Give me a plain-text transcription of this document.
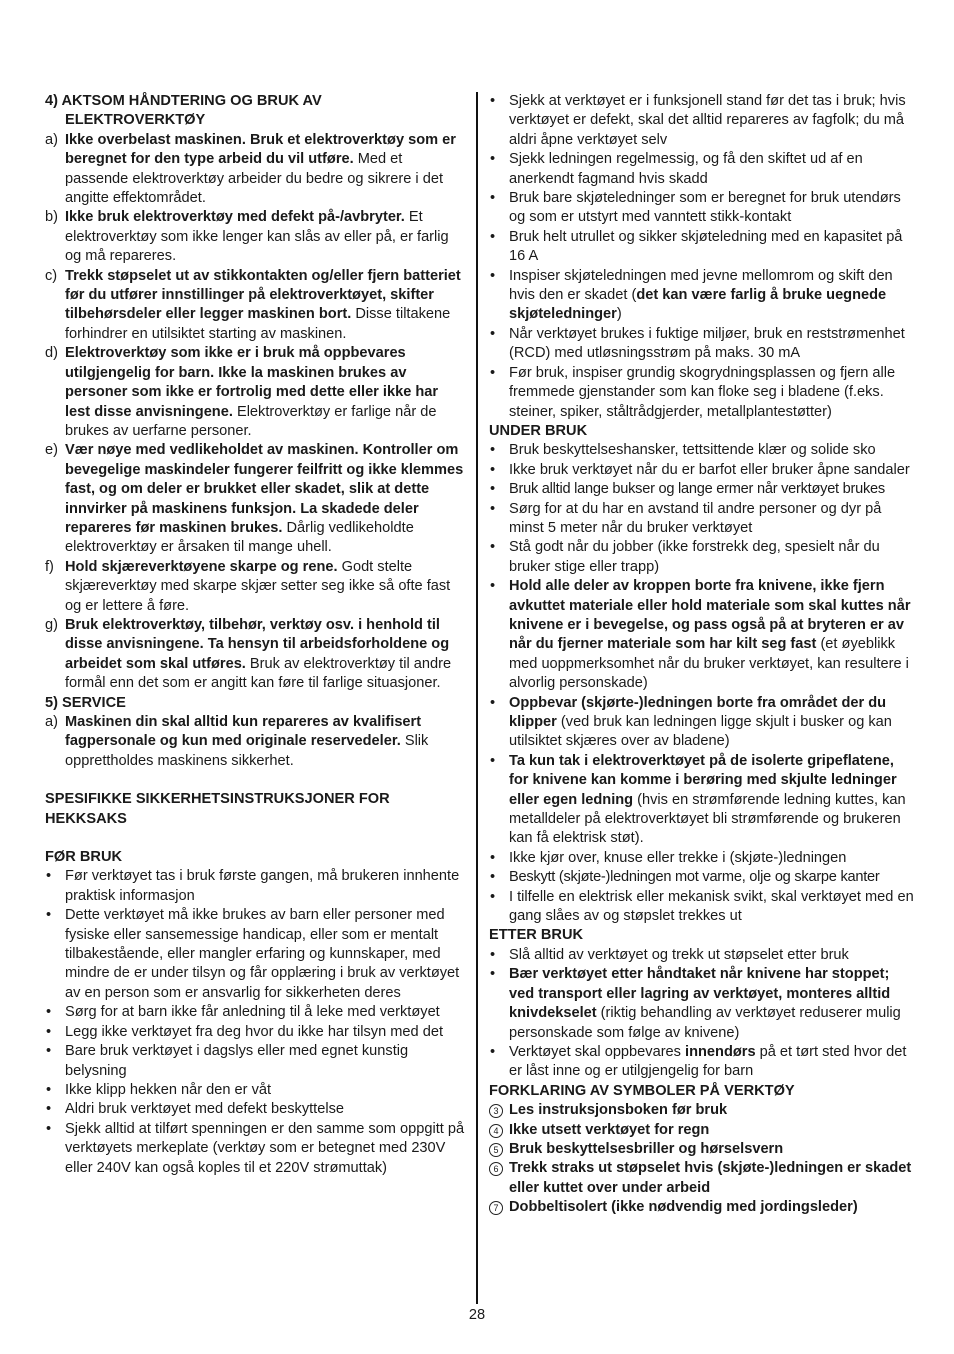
4) AKTSOM HÅNDTERING OG BRUK AV
ELEKTROVERKTØY
a) Ikke overbelast maskinen. Bruk et elektroverktøy som er beregnet for den type arbeid du vil utføre. Med et passende elektroverktøy arbeider du bedre og sikrere i det angitte effektområdet.
b) Ikke bruk elektroverktøy med defekt på-/avbryter. Et elektroverktøy som ikke lenger kan slås av eller på, er farlig og må repareres.
c) Trekk støpselet ut av stikkontakten og/eller fjern batteriet før du utfører innstillinger på elektroverktøyet, skifter tilbehørsdeler eller legger maskinen bort. Disse tiltakene forhindrer en utilsiktet starting av maskinen.
d) Elektroverktøy som ikke er i bruk må oppbevares utilgjengelig for barn. Ikke la maskinen brukes av personer som ikke er fortrolig med dette eller ikke har lest disse anvisningene. Elektroverktøy er farlige når de brukes av uerfarne personer.
e) Vær nøye med vedlikeholdet av maskinen. Kontroller om bevegelige maskindeler fungerer feilfritt og ikke klemmes fast, og om deler er brukket eller skadet, slik at dette innvirker på maskinens funksjon. La skadede deler repareres før maskinen brukes. Dårlig vedlikeholdte elektroverktøy er årsaken til mange uhell.
f) Hold skjæreverktøyene skarpe og rene. Godt stelte skjæreverktøy med skarpe skjær setter seg ikke så ofte fast og er lettere å føre.
g) Bruk elektroverktøy, tilbehør, verktøy osv. i henhold til disse anvisningene. Ta hensyn til arbeidsforholdene og arbeidet som skal utføres. Bruk av elektroverktøy til andre formål enn det som er angitt kan føre til farlige situasjoner.
5) SERVICE
a) Maskinen din skal alltid kun repareres av kvalifisert fagpersonale og kun med originale reservedeler. Slik opprettholdes maskinens sikkerhet.
SPESIFIKKE SIKKERHETSINSTRUKSJONER FOR HEKKSAKS
FØR BRUK
• Før verktøyet tas i bruk første gangen, må brukeren innhente praktisk informasjon
• Dette verktøyet må ikke brukes av barn eller personer med fysiske eller sansemessige handicap, eller som er mentalt tilbakestående, eller mangler erfaring og kunnskaper, med mindre de er under tilsyn og får opplæring i bruk av verktøyet av en person som er ansvarlig for sikkerheten deres
• Sørg for at barn ikke får anledning til å leke med verktøyet
• Legg ikke verktøyet fra deg hvor du ikke har tilsyn med det
• Bare bruk verktøyet i dagslys eller med egnet kunstig belysning
• Ikke klipp hekken når den er våt
• Aldri bruk verktøyet med defekt beskyttelse
• Sjekk alltid at tilført spenningen er den samme som oppgitt på verktøyets merkeplate (verktøy som er betegnet med 230V eller 240V kan også koples til et 220V strømuttak)
• Sjekk at verktøyet er i funksjonell stand før det tas i bruk; hvis verktøyet er defekt, skal det alltid repareres av fagfolk; du må aldri åpne verktøyet selv
• Sjekk ledningen regelmessig, og få den skiftet ud af en anerkendt fagmand hvis skadd
• Bruk bare skjøteledninger som er beregnet for bruk utendørs og som er utstyrt med vanntett stikk-kontakt
• Bruk helt utrullet og sikker skjøteledning med en kapasitet på 16 A
• Inspiser skjøteledningen med jevne mellomrom og skift den hvis den er skadet (det kan være farlig å bruke uegnede skjøteledninger)
• Når verktøyet brukes i fuktige miljøer, bruk en reststrømenhet (RCD) med utløsningsstrøm på maks. 30 mA
• Før bruk, inspiser grundig skogrydningsplassen og fjern alle fremmede gjenstander som kan floke seg i bladene (f.eks. steiner, spiker, ståltrådgjerder, metallplantestøtter)
UNDER BRUK
• Bruk beskyttelseshansker, tettsittende klær og solide sko
• Ikke bruk verktøyet når du er barfot eller bruker åpne sandaler
• Bruk alltid lange bukser og lange ermer når verktøyet brukes
• Sørg for at du har en avstand til andre personer og dyr på minst 5 meter når du bruker verktøyet
• Stå godt når du jobber (ikke forstrekk deg, spesielt når du bruker stige eller trapp)
• Hold alle deler av kroppen borte fra knivene, ikke fjern avkuttet materiale eller hold materiale som skal kuttes når knivene er i bevegelse, og pass også på at bryteren er av når du fjerner materiale som har kilt seg fast (et øyeblikk med uoppmerksomhet når du bruker verktøyet, kan resultere i alvorlig personskade)
• Oppbevar (skjørte-)ledningen borte fra området der du klipper (ved bruk kan ledningen ligge skjult i busker og kan utilsiktet skjæres over av bladene)
• Ta kun tak i elektroverktøyet på de isolerte gripeflatene, for knivene kan komme i berøring med skjulte ledninger eller egen ledning (hvis en strømførende ledning kuttes, kan metalldeler på elektroverktøyet bli strømførende og brukeren kan få elektrisk støt).
• Ikke kjør over, knuse eller trekke i (skjøte-)ledningen
• Beskytt (skjøte-)ledningen mot varme, olje og skarpe kanter
• I tilfelle en elektrisk eller mekanisk svikt, skal verktøyet med en gang slåes av og støpslet trekkes ut
ETTER BRUK
• Slå alltid av verktøyet og trekk ut støpselet etter bruk
• Bær verktøyet etter håndtaket når knivene har stoppet; ved transport eller lagring av verktøyet, monteres alltid knivdekselet (riktig behandling av verktøyet reduserer mulig personskade som følge av knivene)
• Verktøyet skal oppbevares innendørs på et tørt sted hvor det er låst inne og er utilgjengelig for barn
FORKLARING AV SYMBOLER PÅ VERKTØY
3 Les instruksjonsboken før bruk
4 Ikke utsett verktøyet for regn
5 Bruk beskyttelsesbriller og hørselsvern
6 Trekk straks ut støpselet hvis (skjøte-)ledningen er skadet eller kuttet over under arbeid
7 Dobbeltisolert (ikke nødvendig med jordingsleder)
28
